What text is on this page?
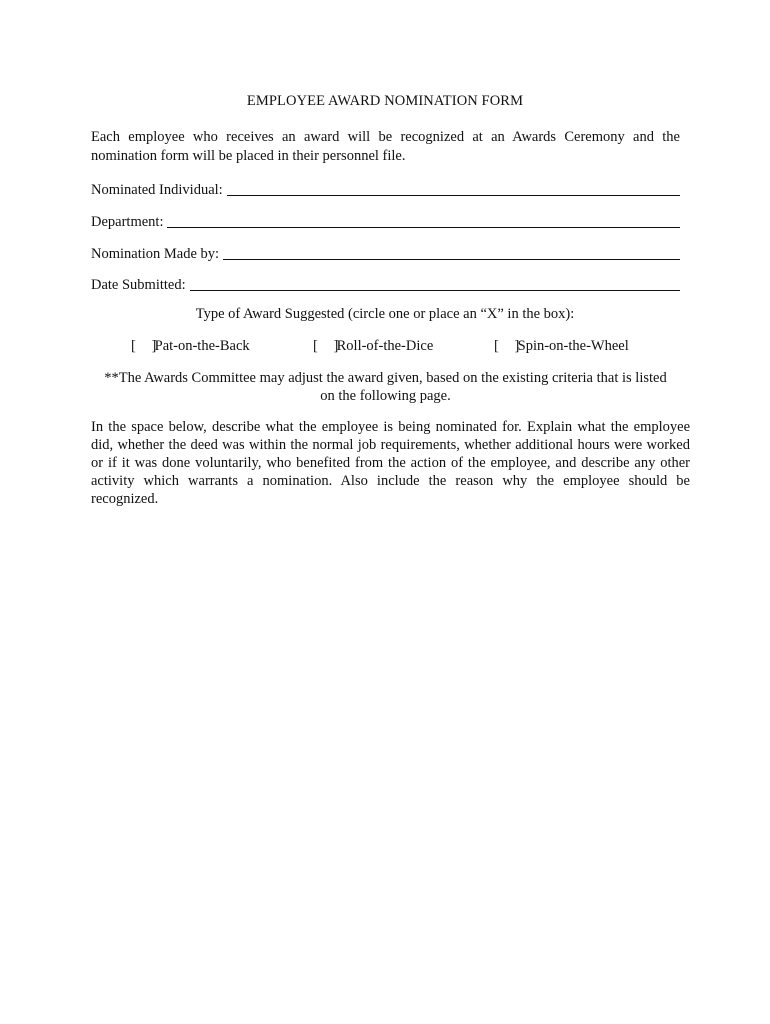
EMPLOYEE AWARD NOMINATION FORM
Each employee who receives an award will be recognized at an Awards Ceremony and the nomination form will be placed in their personnel file.
Nominated Individual:
Department:
Nomination Made by:
Date Submitted:
Type of Award Suggested (circle one or place an “X” in the box):
[ ] Pat-on-the-Back	[ ] Roll-of-the-Dice	[ ] Spin-on-the-Wheel
**The Awards Committee may adjust the award given, based on the existing criteria that is listed
on the following page.
In the space below, describe what the employee is being nominated for. Explain what the employee did, whether the deed was within the normal job requirements, whether additional hours were worked or if it was done voluntarily, who benefited from the action of the employee, and describe any other activity which warrants a nomination. Also include the reason why the employee should be recognized.
